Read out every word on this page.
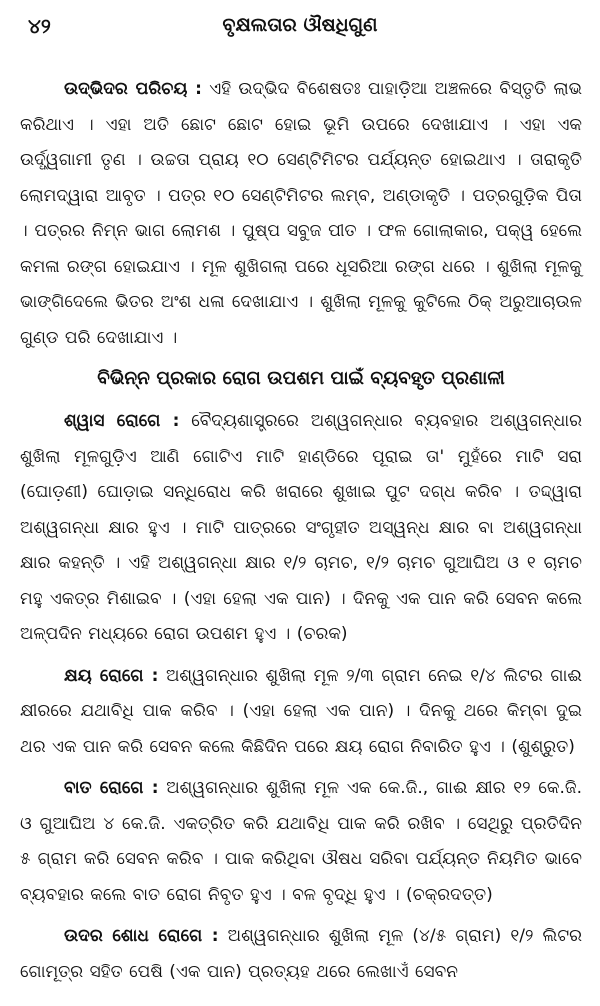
୪୨	ବୃକ୍ଷଲତାର ଔଷଧିଗୁଣ

ଉଦ୍ଭିଦର ପରିଚୟ : ଏହି ଉଦ୍ଭିଦ ବିଶେଷତଃ ପାହାଡ଼ିଆ ଅଞ୍ଚଳରେ ବିସ୍ତୃତି ଲାଭ କରିଥାଏ । ଏହା ଅତି ଛୋଟ ଛୋଟ ହୋଇ ଭୂମି ଉପରେ ଦେଖାଯାଏ । ଏହା ଏକ ଉର୍ଦ୍ଧ୍ୱଗାମୀ ତୃଣ । ଉଚ୍ଚତା ପ୍ରାୟ ୧୦ ସେଣ୍ଟିମିଟର ପର୍ଯ୍ୟନ୍ତ ହୋଇଥାଏ । ତାରାକୃତି ଲୋମଦ୍ୱାରା ଆବୃତ । ପତ୍ର ୧୦ ସେଣ୍ଟିମିଟର ଲମ୍ବ, ଅଣ୍ଡାକୃତି । ପତ୍ରଗୁଡ଼ିକ ପିତା । ପତ୍ରର ନିମ୍ନ ଭାଗ ଲୋମଶ । ପୁଷ୍ପ ସବୁଜ ପୀତ । ଫଳ ଗୋଲାକାର, ପକ୍ୱ ହେଲେ କମଳା ରଙ୍ଗ ହୋଇଯାଏ । ମୂଳ ଶୁଖିଗଲା ପରେ ଧୂସରିଆ ରଙ୍ଗ ଧରେ । ଶୁଖିଲା ମୂଳକୁ ଭାଙ୍ଗିଦେଲେ ଭିତର ଅଂଶ ଧଳା ଦେଖାଯାଏ । ଶୁଖିଲା ମୂଳକୁ କୁଟିଲେ ଠିକ୍ ଅରୁଆଚାଉଳ ଗୁଣ୍ଡ ପରି ଦେଖାଯାଏ ।

ବିଭିନ୍ନ ପ୍ରକାର ରୋଗ ଉପଶମ ପାଇଁ ବ୍ୟବହୃତ ପ୍ରଣାଳୀ

ଶ୍ୱାସ ରୋଗେ : ବୈଦ୍ୟଶାସ୍ତ୍ରରେ ଅଶ୍ୱଗନ୍ଧାର ବ୍ୟବହାର ଅଶ୍ୱଗନ୍ଧାର ଶୁଖିଲା ମୂଳଗୁଡ଼ିଏ ଆଣି ଗୋଟିଏ ମାଟି ହାଣ୍ଡିରେ ପୂରାଇ ତା' ମୁହଁରେ ମାଟି ସରା (ଘୋଡ଼ଣୀ) ଘୋଡ଼ାଇ ସନ୍ଧିରୋଧ କରି ଖରାରେ ଶୁଖାଇ ପୁଟ ଦଗ୍ଧ କରିବ । ତଦ୍ଦ୍ୱାରା ଅଶ୍ୱଗନ୍ଧା କ୍ଷାର ହୁଏ । ମାଟି ପାତ୍ରରେ ସଂଗୃହୀତ ଅସ୍ୱନ୍ଧ କ୍ଷାର ବା ଅଶ୍ୱଗନ୍ଧା କ୍ଷାର କହନ୍ତି । ଏହି ଅଶ୍ୱଗନ୍ଧା କ୍ଷାର ୧/୨ ଚାମଚ, ୧/୨ ଚାମଚ ଗୁଆଘିଅ ଓ ୧ ଚାମଚ ମହୁ ଏକତ୍ର ମିଶାଇବ । (ଏହା ହେଲା ଏକ ପାନ) । ଦିନକୁ ଏକ ପାନ କରି ସେବନ କଲେ ଅଳ୍ପଦିନ ମଧ୍ୟରେ ରୋଗ ଉପଶମ ହୁଏ । (ଚରକ)

କ୍ଷୟ ରୋଗେ : ଅଶ୍ୱଗନ୍ଧାର ଶୁଖିଲା ମୂଳ ୨/୩ ଗ୍ରାମ ନେଇ ୧/୪ ଲିଟର ଗାଈ କ୍ଷୀରରେ ଯଥାବିଧି ପାକ କରିବ । (ଏହା ହେଲା ଏକ ପାନ) । ଦିନକୁ ଥରେ କିମ୍ବା ଦୁଇ ଥର ଏକ ପାନ କରି ସେବନ କଲେ କିଛିଦିନ ପରେ କ୍ଷୟ ରୋଗ ନିବାରିତ ହୁଏ । (ଶୁଶ୍ରୁତ)

ବାତ ରୋଗେ : ଅଶ୍ୱଗନ୍ଧାର ଶୁଖିଲା ମୂଳ ଏକ କେ.ଜି., ଗାଈ କ୍ଷୀର ୧୨ କେ.ଜି. ଓ ଗୁଆଘିଅ ୪ କେ.ଜି. ଏକତ୍ରିତ କରି ଯଥାବିଧି ପାକ କରି ରଖିବ । ସେଥିରୁ ପ୍ରତିଦିନ ୫ ଗ୍ରାମ କରି ସେବନ କରିବ । ପାକ କରିଥିବା ଔଷଧ ସରିବା ପର୍ଯ୍ୟନ୍ତ ନିୟମିତ ଭାବେ ବ୍ୟବହାର କଲେ ବାତ ରୋଗ ନିବୃତ ହୁଏ । ବଳ ବୃଦ୍ଧି ହୁଏ । (ଚକ୍ରଦତ୍ତ)

ଉଦର ଶୋଧ ରୋଗେ : ଅଶ୍ୱଗନ୍ଧାର ଶୁଖିଲା ମୂଳ (୪/୫ ଗ୍ରାମ) ୧/୨ ଲିଟର ଗୋମୂତ୍ର ସହିତ ପେଷି (ଏକ ପାନ) ପ୍ରତ୍ୟହ ଥରେ ଲେଖାଏଁ ସେବନ
